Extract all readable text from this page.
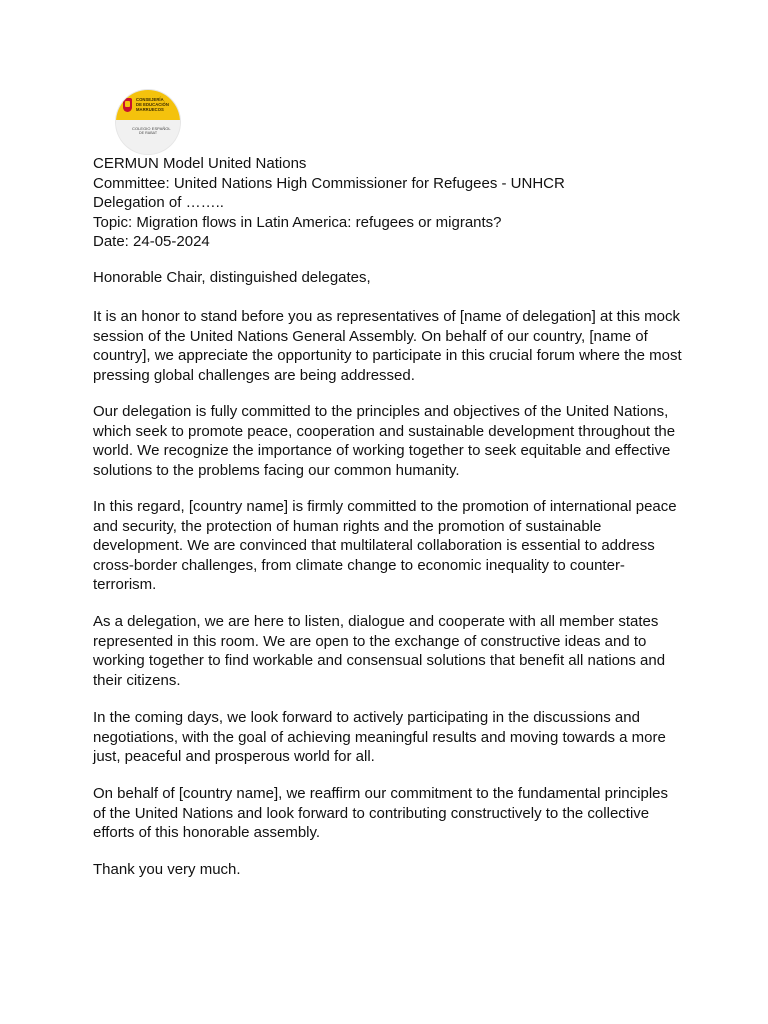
CONSEJERÍA
DE EDUCACIÓN
MARRUECOS
COLEGIO ESPAÑOL
DE RABAT
CERMUN Model United Nations
Committee: United Nations High Commissioner for Refugees - UNHCR
Delegation of ……..
Topic: Migration flows in Latin America: refugees or migrants?
Date: 24-05-2024

Honorable Chair, distinguished delegates,

It is an honor to stand before you as representatives of [name of delegation] at this mock session of the United Nations General Assembly. On behalf of our country, [name of country], we appreciate the opportunity to participate in this crucial forum where the most pressing global challenges are being addressed.

Our delegation is fully committed to the principles and objectives of the United Nations, which seek to promote peace, cooperation and sustainable development throughout the world. We recognize the importance of working together to seek equitable and effective solutions to the problems facing our common humanity.

In this regard, [country name] is firmly committed to the promotion of international peace and security, the protection of human rights and the promotion of sustainable development. We are convinced that multilateral collaboration is essential to address cross-border challenges, from climate change to economic inequality to counter-terrorism.

As a delegation, we are here to listen, dialogue and cooperate with all member states represented in this room. We are open to the exchange of constructive ideas and to working together to find workable and consensual solutions that benefit all nations and their citizens.

In the coming days, we look forward to actively participating in the discussions and negotiations, with the goal of achieving meaningful results and moving towards a more just, peaceful and prosperous world for all.

On behalf of [country name], we reaffirm our commitment to the fundamental principles of the United Nations and look forward to contributing constructively to the collective efforts of this honorable assembly.

Thank you very much.
